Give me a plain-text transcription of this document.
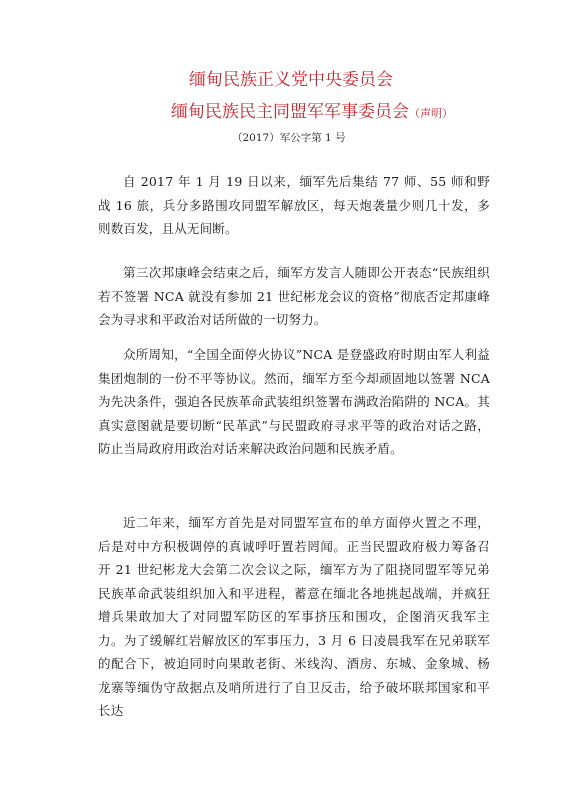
缅甸民族正义党中央委员会
缅甸民族民主同盟军军事委员会（声明）
（2017）军公字第 1 号

自 2017 年 1 月 19 日以来，缅军先后集结 77 师、55 师和野战 16 旅，兵分多路围攻同盟军解放区，每天炮袭量少则几十发，多则数百发，且从无间断。

第三次邦康峰会结束之后，缅军方发言人随即公开表态“民族组织若不签署 NCA 就没有参加 21 世纪彬龙会议的资格”彻底否定邦康峰会为寻求和平政治对话所做的一切努力。

众所周知，“全国全面停火协议”NCA 是登盛政府时期由军人利益集团炮制的一份不平等协议。然而，缅军方至今却顽固地以签署 NCA 为先决条件，强迫各民族革命武装组织签署布满政治陷阱的 NCA。其真实意图就是要切断“民革武”与民盟政府寻求平等的政治对话之路，防止当局政府用政治对话来解决政治问题和民族矛盾。

近二年来，缅军方首先是对同盟军宣布的单方面停火置之不理，后是对中方积极调停的真诚呼吁置若罔闻。正当民盟政府极力筹备召开 21 世纪彬龙大会第二次会议之际，缅军方为了阻挠同盟军等兄弟民族革命武装组织加入和平进程，蓄意在缅北各地挑起战端，并疯狂增兵果敢加大了对同盟军防区的军事挤压和围攻，企图消灭我军主力。为了缓解红岩解放区的军事压力，3 月 6 日凌晨我军在兄弟联军的配合下，被迫同时向果敢老街、米线沟、酒房、东城、金象城、杨龙寨等缅伪守敌据点及哨所进行了自卫反击，给予破坏联邦国家和平长达
